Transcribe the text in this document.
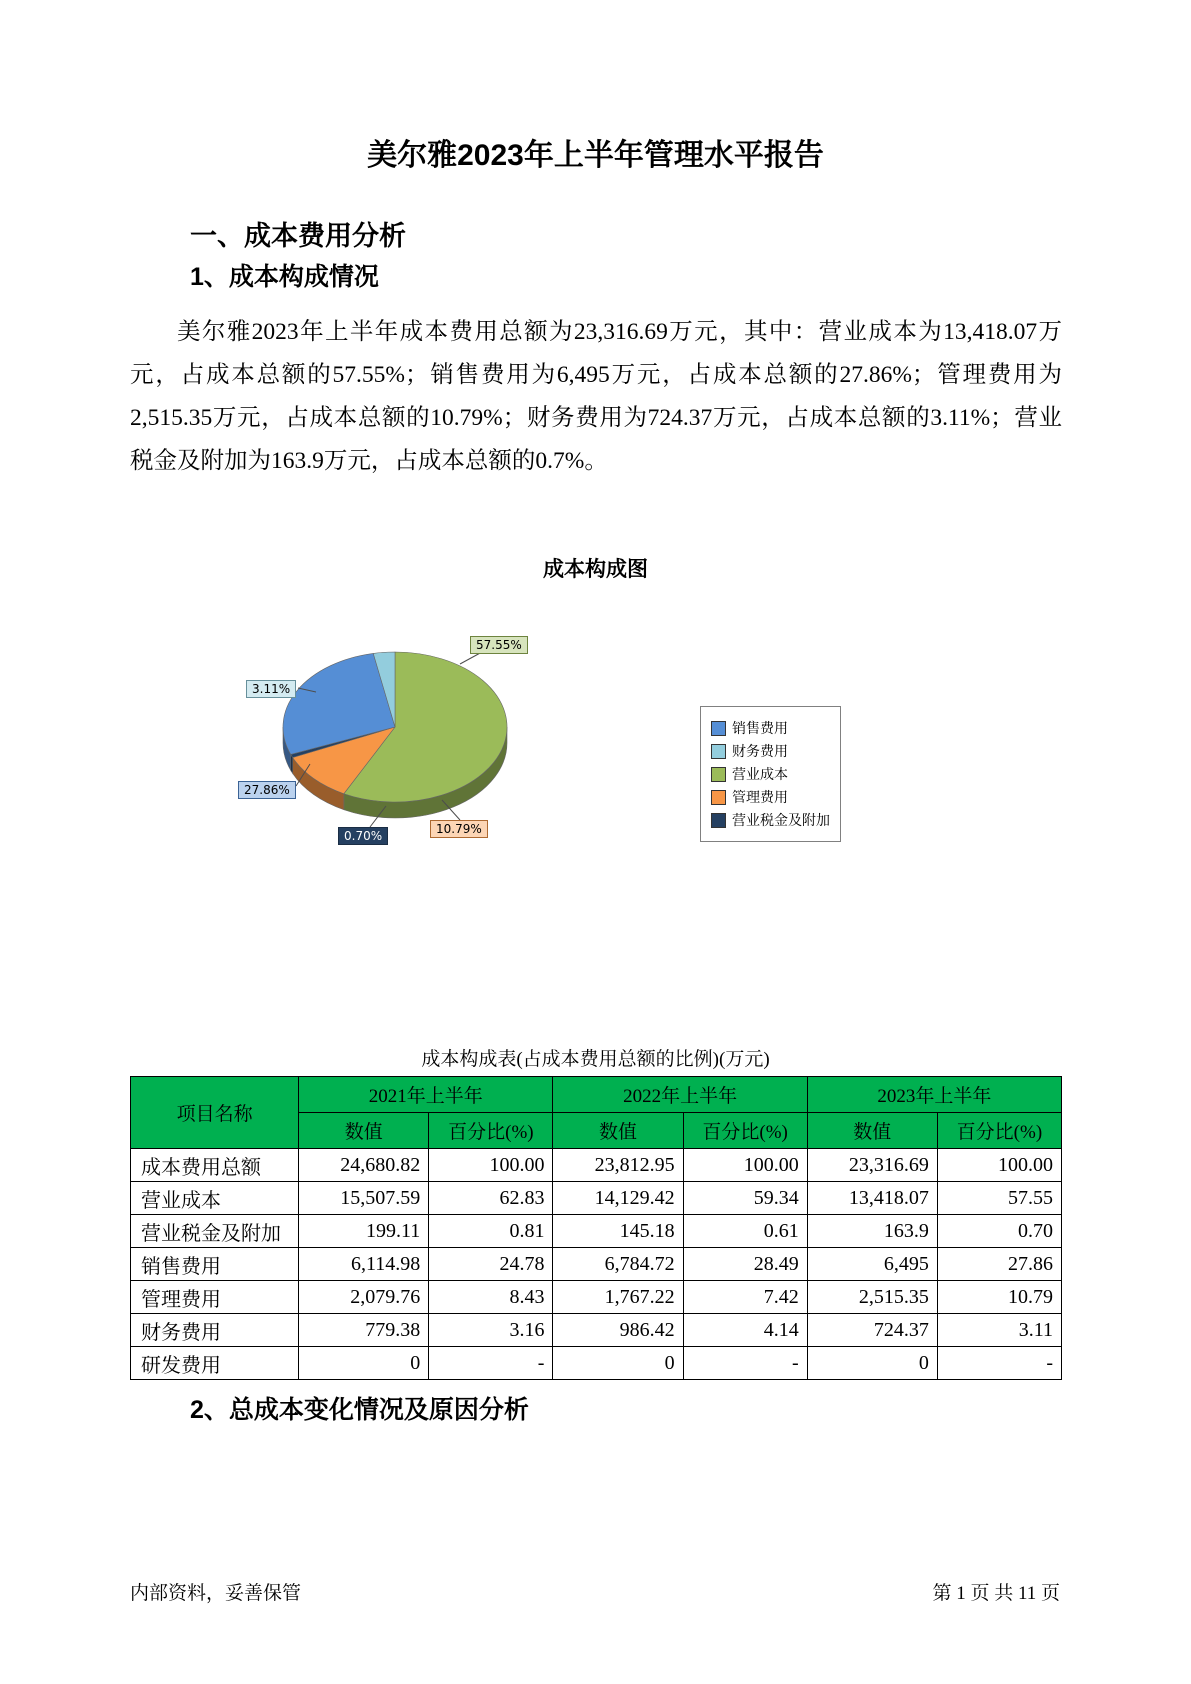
美尔雅2023年上半年管理水平报告
一、成本费用分析
1、成本构成情况
美尔雅2023年上半年成本费用总额为23,316.69万元，其中：营业成本为13,418.07万元，占成本总额的57.55%；销售费用为6,495万元，占成本总额的27.86%；管理费用为2,515.35万元，占成本总额的10.79%；财务费用为724.37万元，占成本总额的3.11%；营业税金及附加为163.9万元，占成本总额的0.7%。
成本构成图
销售费用
财务费用
营业成本
管理费用
营业税金及附加
57.55%
10.79%
0.70%
27.86%
3.11%
成本构成表(占成本费用总额的比例)(万元)
项目名称	2021年上半年		2022年上半年		2023年上半年	
	数值	百分比(%)	数值	百分比(%)	数值	百分比(%)
成本费用总额	24,680.82	100.00	23,812.95	100.00	23,316.69	100.00
营业成本	15,507.59	62.83	14,129.42	59.34	13,418.07	57.55
营业税金及附加	199.11	0.81	145.18	0.61	163.9	0.70
销售费用	6,114.98	24.78	6,784.72	28.49	6,495	27.86
管理费用	2,079.76	8.43	1,767.22	7.42	2,515.35	10.79
财务费用	779.38	3.16	986.42	4.14	724.37	3.11
研发费用	0	-	0	-	0	-
2、总成本变化情况及原因分析
内部资料，妥善保管	第 1 页 共 11 页
